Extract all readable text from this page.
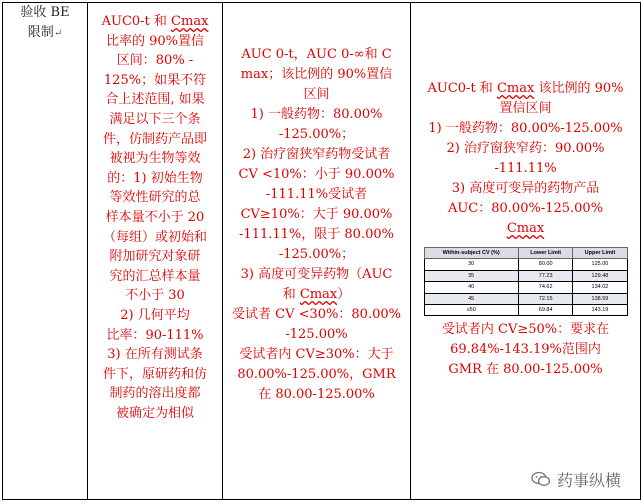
验收 BE
限制↵

AUC0-t 和 Cmax
比率的 90%置信
区间：80% -
125%；如果不符
合上述范围, 如果
满足以下三个条
件，仿制药产品即
被视为生物等效
的：1) 初始生物
等效性研究的总
样本量不小于 20
（每组）或初始和
附加研究对象研
究的汇总样本量
不小于 30
2) 几何平均
比率：90-111%
3) 在所有测试条
件下，原研药和仿
制药的溶出度都
被确定为相似

AUC 0-t，AUC 0-∞和 C
max；该比例的 90%置信
区间
1) 一般药物：80.00%
-125.00%；
2) 治疗窗狭窄药物受试者
CV <10%：小于 90.00%
-111.11%受试者
CV≥10%：大于 90.00%
-111.11%，限于 80.00%
-125.00%；
3) 高度可变异药物（AUC
和 Cmax）
受试者 CV <30%：80.00%
-125.00%
受试者内 CV≥30%：大于
80.00%-125.00%，GMR
在 80.00-125.00%

AUC0-t 和 Cmax 该比例的 90%
置信区间
1) 一般药物：80.00%-125.00%
2) 治疗窗狭窄药：90.00%
-111.11%
3) 高度可变异的药物产品
AUC：80.00%-125.00%
Cmax
Within-subject CV (%)	Lower Limit	Upper Limit
30	80.00	125.00
35	77.23	129.48
40	74.62	134.02
45	72.15	138.59
≥50	69.84	143.19
受试者内 CV≥50%：要求在
69.84%-143.19%范围内
GMR 在 80.00-125.00%
药事纵横
